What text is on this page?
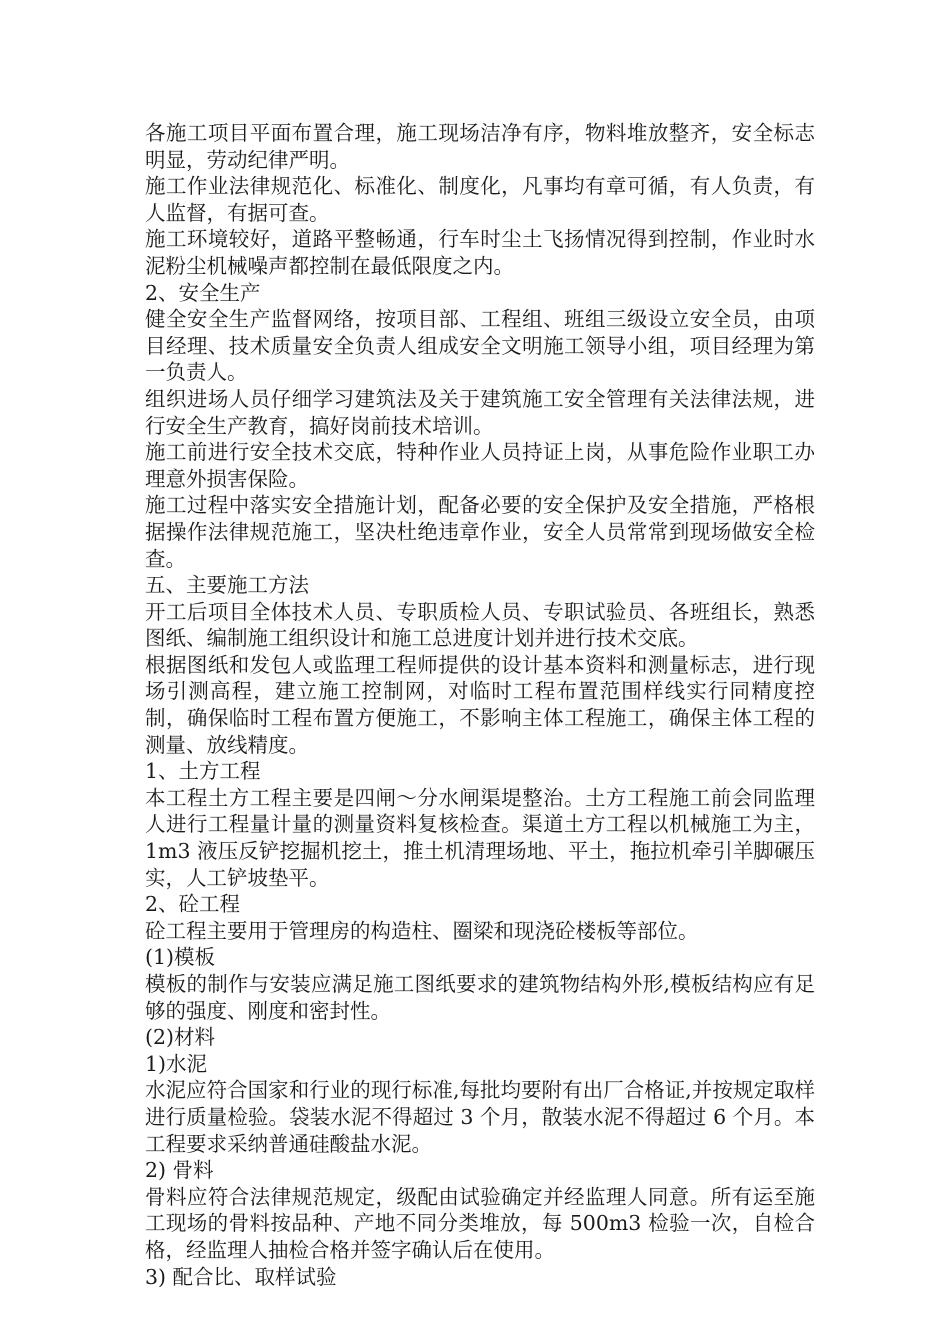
各施工项目平面布置合理，施工现场洁净有序，物料堆放整齐，安全标志明显，劳动纪律严明。

施工作业法律规范化、标准化、制度化，凡事均有章可循，有人负责，有人监督，有据可查。

施工环境较好，道路平整畅通，行车时尘土飞扬情况得到控制，作业时水泥粉尘机械噪声都控制在最低限度之内。

2、安全生产

健全安全生产监督网络，按项目部、工程组、班组三级设立安全员，由项目经理、技术质量安全负责人组成安全文明施工领导小组，项目经理为第一负责人。

组织进场人员仔细学习建筑法及关于建筑施工安全管理有关法律法规，进行安全生产教育，搞好岗前技术培训。

施工前进行安全技术交底，特种作业人员持证上岗，从事危险作业职工办理意外损害保险。

施工过程中落实安全措施计划，配备必要的安全保护及安全措施，严格根据操作法律规范施工，坚决杜绝违章作业，安全人员常常到现场做安全检查。

五、主要施工方法

开工后项目全体技术人员、专职质检人员、专职试验员、各班组长，熟悉图纸、编制施工组织设计和施工总进度计划并进行技术交底。

根据图纸和发包人或监理工程师提供的设计基本资料和测量标志，进行现场引测高程，建立施工控制网，对临时工程布置范围样线实行同精度控制，确保临时工程布置方便施工，不影响主体工程施工，确保主体工程的测量、放线精度。

1、土方工程

本工程土方工程主要是四闸～分水闸渠堤整治。土方工程施工前会同监理人进行工程量计量的测量资料复核检查。渠道土方工程以机械施工为主，1m3 液压反铲挖掘机挖土，推土机清理场地、平土，拖拉机牵引羊脚碾压实，人工铲坡垫平。

2、砼工程

砼工程主要用于管理房的构造柱、圈梁和现浇砼楼板等部位。

(1)模板

模板的制作与安装应满足施工图纸要求的建筑物结构外形,模板结构应有足够的强度、刚度和密封性。

(2)材料

1)水泥

水泥应符合国家和行业的现行标准,每批均要附有出厂合格证,并按规定取样进行质量检验。袋装水泥不得超过 3 个月，散装水泥不得超过 6 个月。本工程要求采纳普通硅酸盐水泥。

2) 骨料

骨料应符合法律规范规定，级配由试验确定并经监理人同意。所有运至施工现场的骨料按品种、产地不同分类堆放，每 500m3 检验一次，自检合格，经监理人抽检合格并签字确认后在使用。

3) 配合比、取样试验
